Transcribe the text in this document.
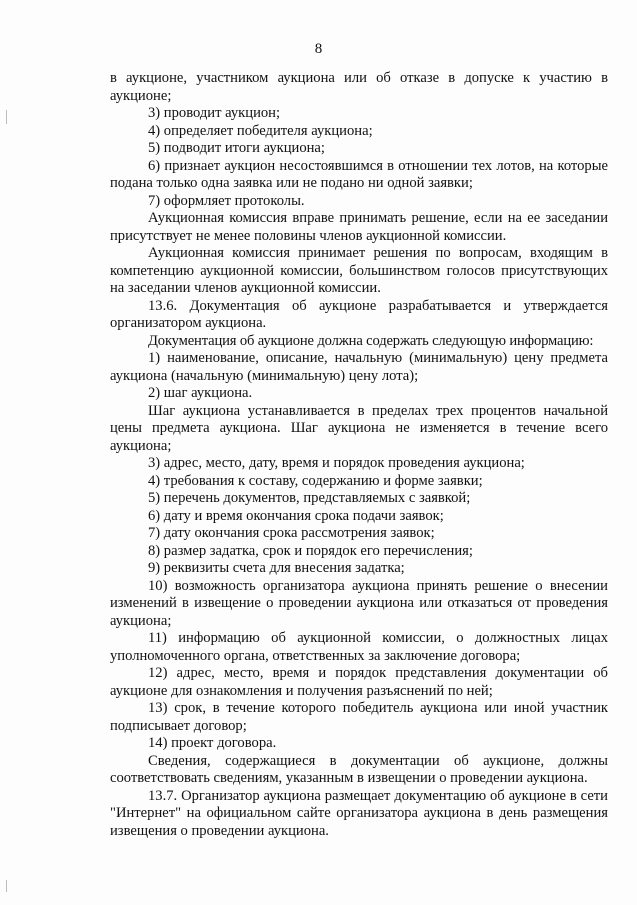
8

в аукционе, участником аукциона или об отказе в допуске к участию в аукционе;

3) проводит аукцион;

4) определяет победителя аукциона;

5) подводит итоги аукциона;

6) признает аукцион несостоявшимся в отношении тех лотов, на которые подана только одна заявка или не подано ни одной заявки;

7) оформляет протоколы.

Аукционная комиссия вправе принимать решение, если на ее заседании присутствует не менее половины членов аукционной комиссии.

Аукционная комиссия принимает решения по вопросам, входящим в компетенцию аукционной комиссии, большинством голосов присутствующих на заседании членов аукционной комиссии.

13.6. Документация об аукционе разрабатывается и утверждается организатором аукциона.

Документация об аукционе должна содержать следующую информацию:

1) наименование, описание, начальную (минимальную) цену предмета аукциона (начальную (минимальную) цену лота);

2) шаг аукциона.

Шаг аукциона устанавливается в пределах трех процентов начальной цены предмета аукциона. Шаг аукциона не изменяется в течение всего аукциона;

3) адрес, место, дату, время и порядок проведения аукциона;

4) требования к составу, содержанию и форме заявки;

5) перечень документов, представляемых с заявкой;

6) дату и время окончания срока подачи заявок;

7) дату окончания срока рассмотрения заявок;

8) размер задатка, срок и порядок его перечисления;

9) реквизиты счета для внесения задатка;

10) возможность организатора аукциона принять решение о внесении изменений в извещение о проведении аукциона или отказаться от проведения аукциона;

11) информацию об аукционной комиссии, о должностных лицах уполномоченного органа, ответственных за заключение договора;

12) адрес, место, время и порядок представления документации об аукционе для ознакомления и получения разъяснений по ней;

13) срок, в течение которого победитель аукциона или иной участник подписывает договор;

14) проект договора.

Сведения, содержащиеся в документации об аукционе, должны соответствовать сведениям, указанным в извещении о проведении аукциона.

13.7. Организатор аукциона размещает документацию об аукционе в сети "Интернет" на официальном сайте организатора аукциона в день размещения извещения о проведении аукциона.
